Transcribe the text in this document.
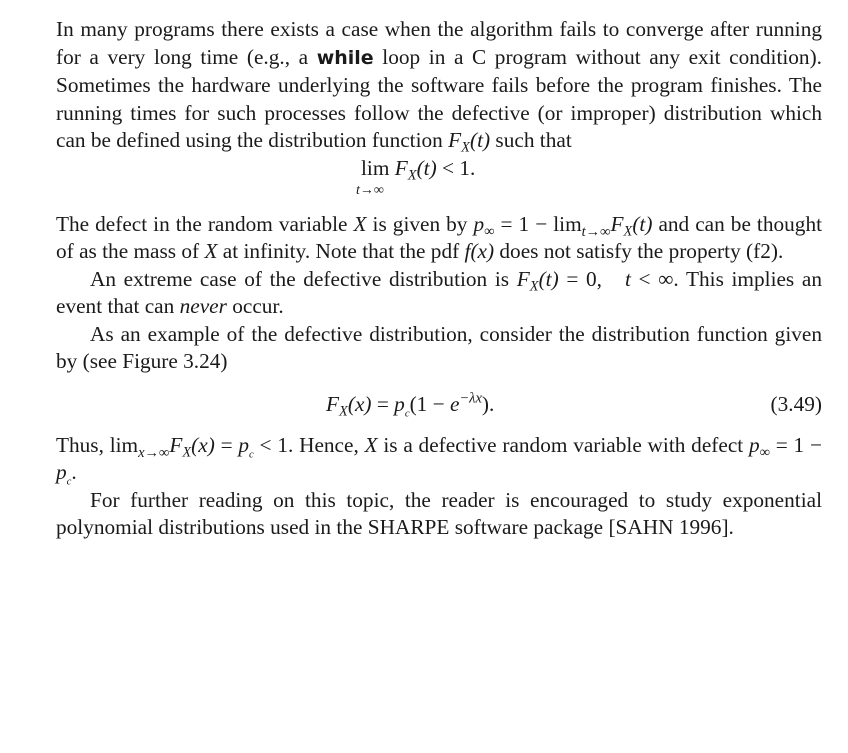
In many programs there exists a case when the algorithm fails to converge after running for a very long time (e.g., a while loop in a C program without any exit condition). Sometimes the hardware underlying the software fails before the program finishes. The running times for such processes follow the defective (or improper) distribution which can be defined using the distribution function $F_X(t)$ such that

lim
t→∞
$F_X(t) < 1$.

The defect in the random variable X is given by $p_\infty = 1 - \lim_{t\to\infty}F_X(t)$ and can be thought of as the mass of X at infinity. Note that the pdf f(x) does not satisfy the property (f2).

An extreme case of the defective distribution is $F_X(t) = 0$,   t < ∞. This implies an event that can never occur.

As an example of the defective distribution, consider the distribution function given by (see Figure 3.24)

$F_X(x) = p_c(1 - e^{-\lambda x})$.	(3.49)

Thus, $\lim_{x\to\infty}F_X(x) = p_c < 1$. Hence, X is a defective random variable with defect $p_\infty = 1 - p_c$.

For further reading on this topic, the reader is encouraged to study exponential polynomial distributions used in the SHARPE software package [SAHN 1996].
